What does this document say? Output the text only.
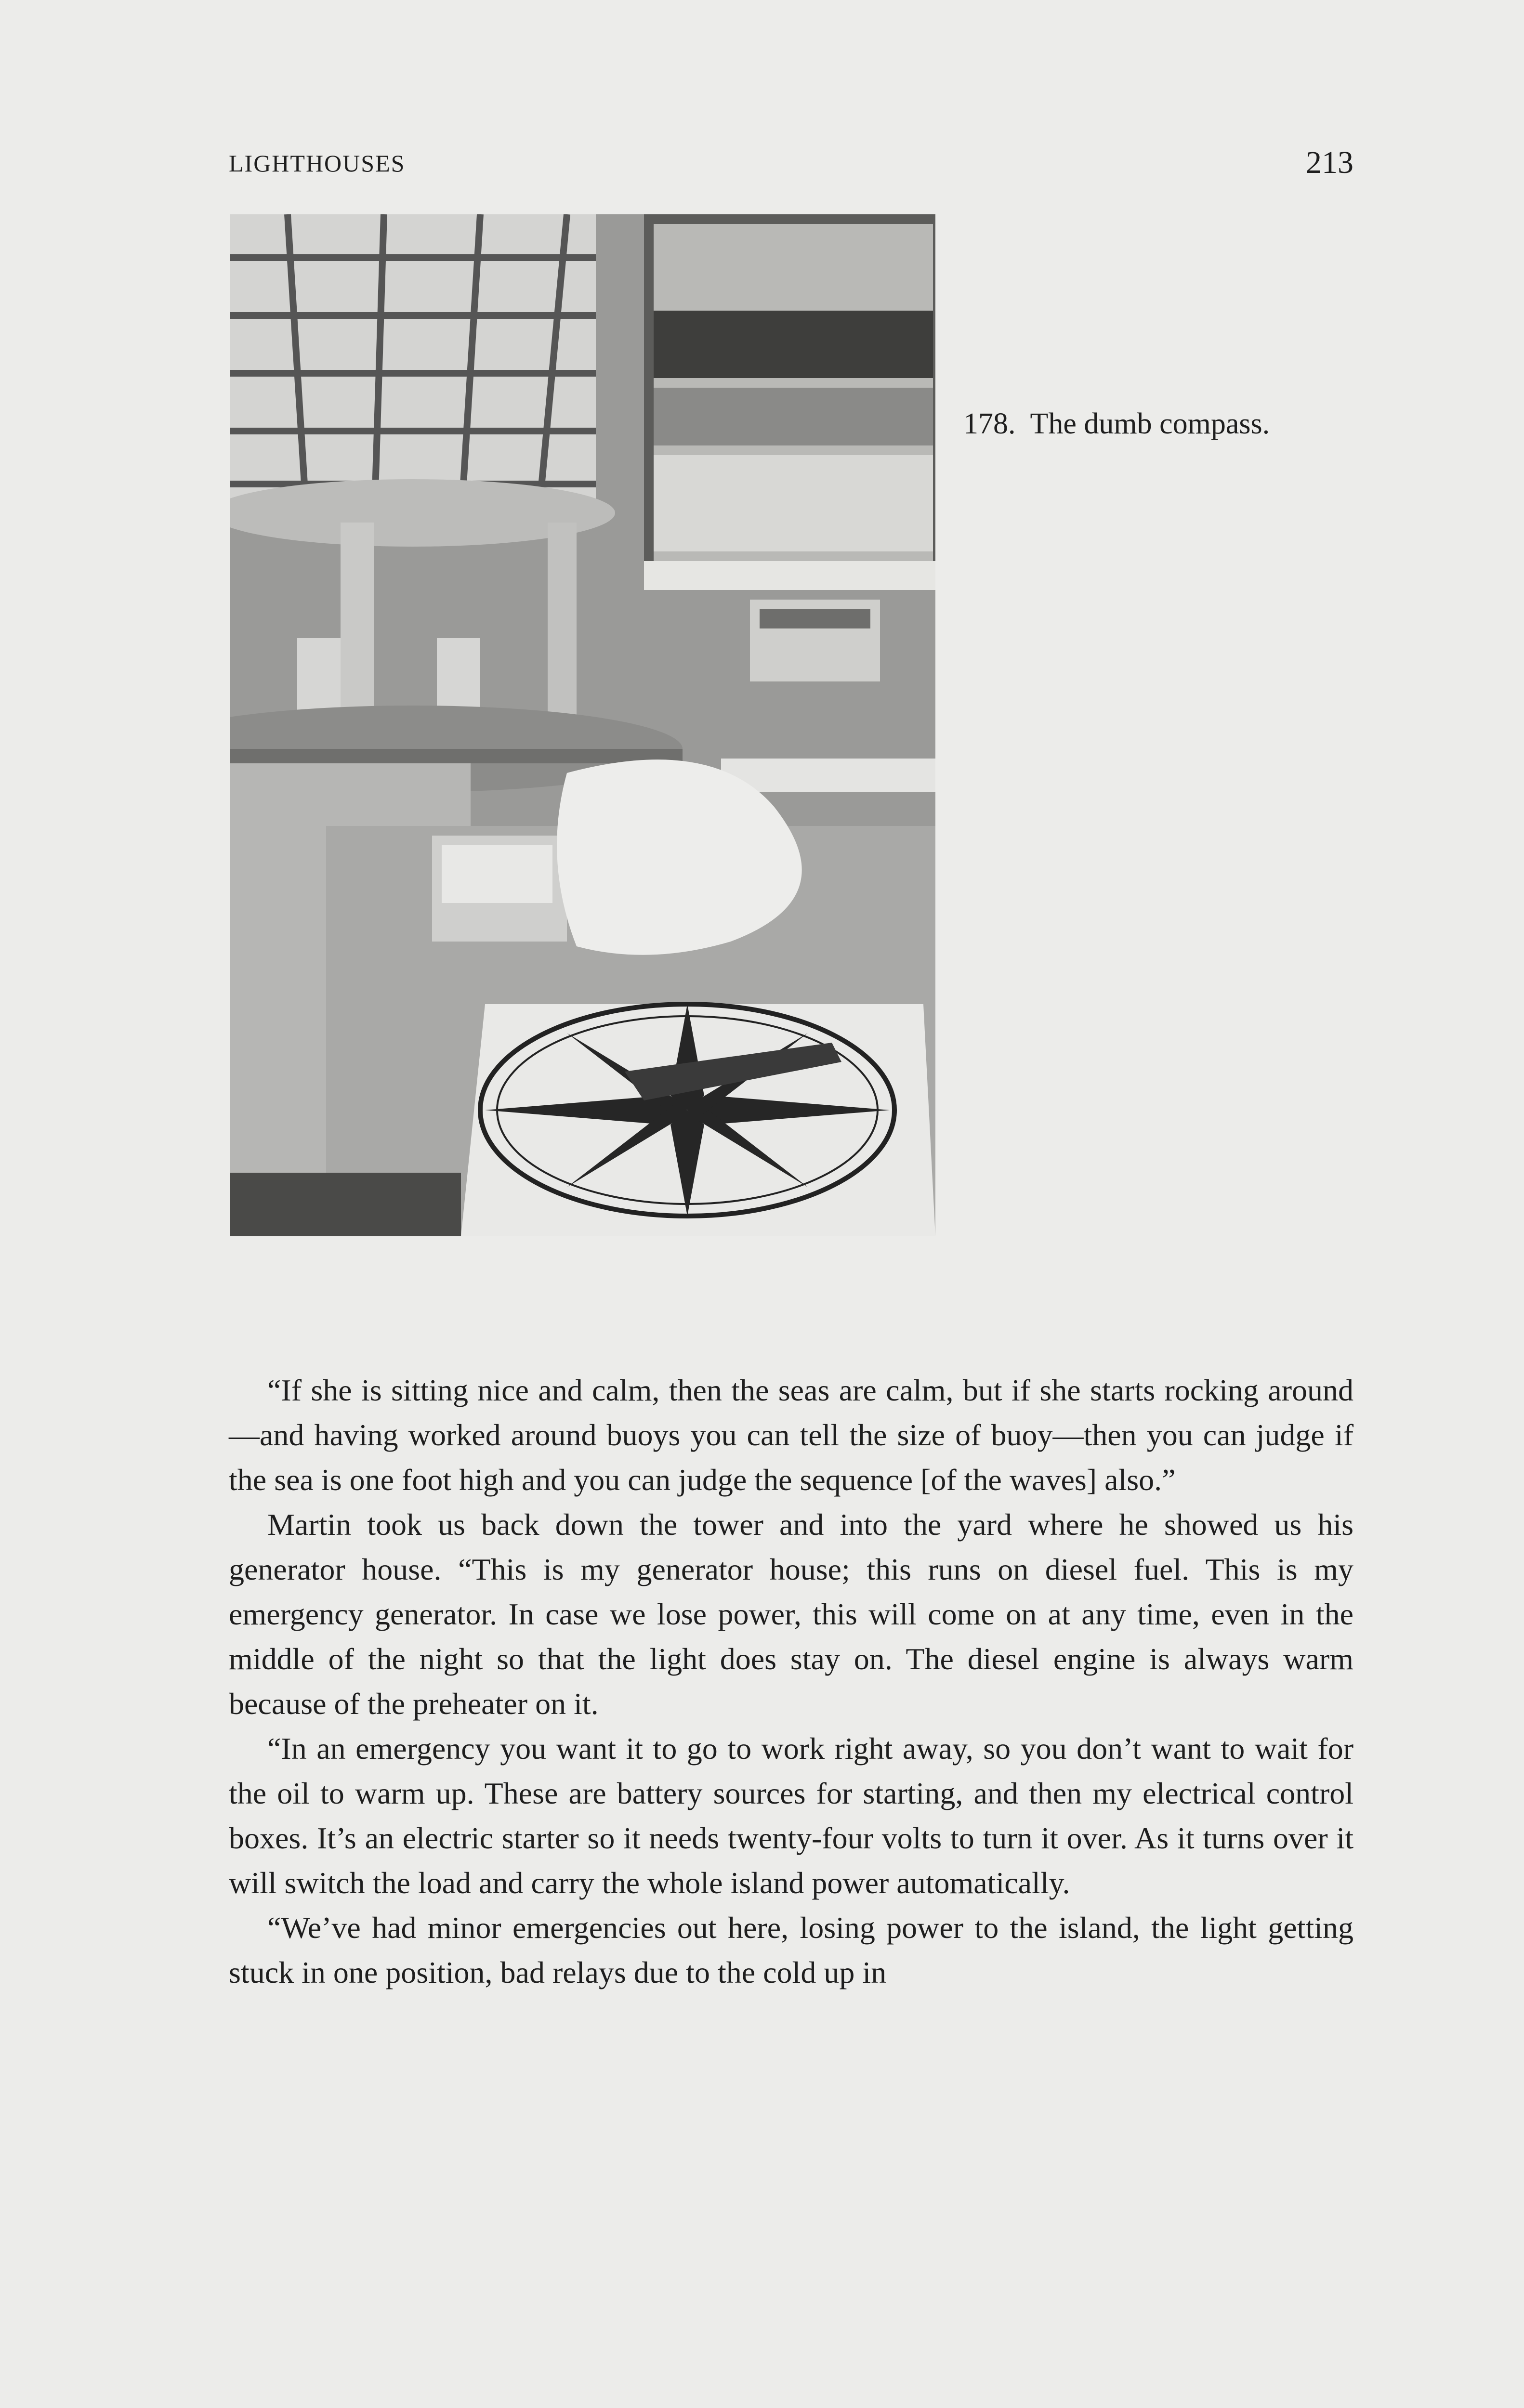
LIGHTHOUSES	213
178. The dumb compass.

“If she is sitting nice and calm, then the seas are calm, but if she starts rocking around—and having worked around buoys you can tell the size of buoy—then you can judge if the sea is one foot high and you can judge the sequence [of the waves] also.”

Martin took us back down the tower and into the yard where he showed us his generator house. “This is my generator house; this runs on diesel fuel. This is my emergency generator. In case we lose power, this will come on at any time, even in the middle of the night so that the light does stay on. The diesel engine is always warm because of the preheater on it.

“In an emergency you want it to go to work right away, so you don’t want to wait for the oil to warm up. These are battery sources for starting, and then my electrical control boxes. It’s an electric starter so it needs twenty-four volts to turn it over. As it turns over it will switch the load and carry the whole island power automatically.

“We’ve had minor emergencies out here, losing power to the island, the light getting stuck in one position, bad relays due to the cold up in
